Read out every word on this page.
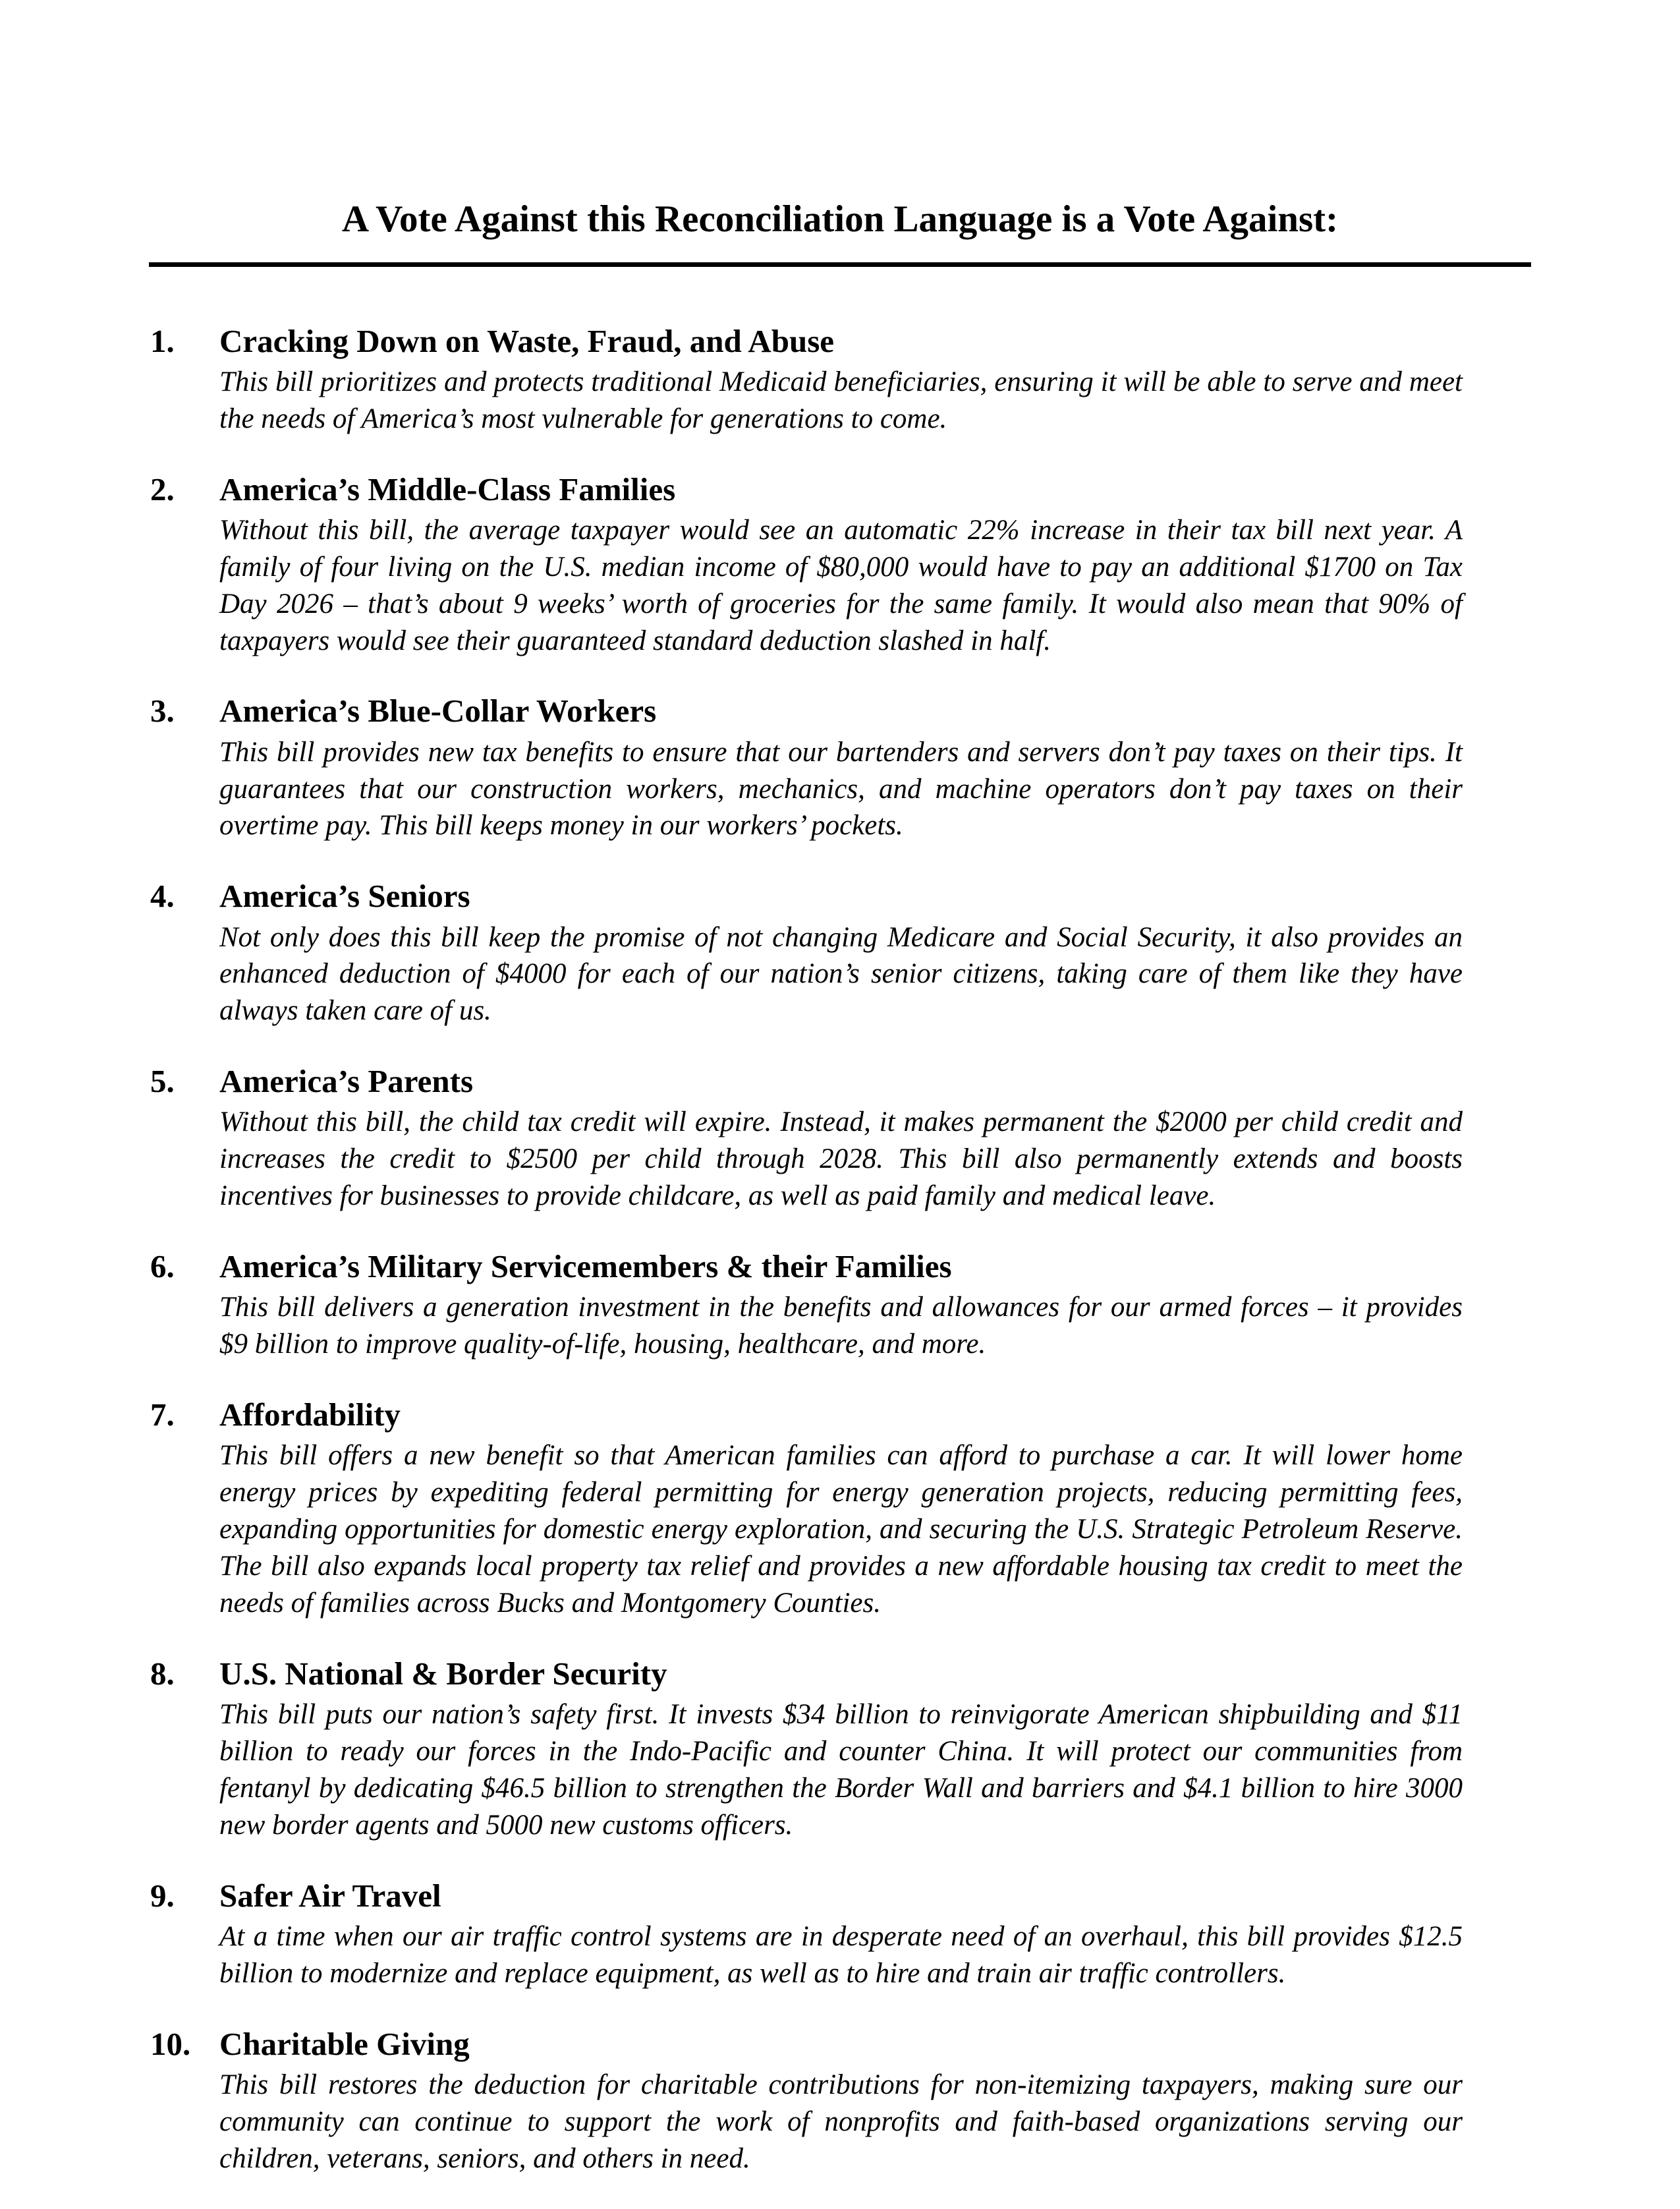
A Vote Against this Reconciliation Language is a Vote Against:
1.	Cracking Down on Waste, Fraud, and Abuse
This bill prioritizes and protects traditional Medicaid beneficiaries, ensuring it will be able to serve and meet the needs of America’s most vulnerable for generations to come.
2.	America’s Middle-Class Families
Without this bill, the average taxpayer would see an automatic 22% increase in their tax bill next year. A family of four living on the U.S. median income of $80,000 would have to pay an additional $1700 on Tax Day 2026 – that’s about 9 weeks’ worth of groceries for the same family. It would also mean that 90% of taxpayers would see their guaranteed standard deduction slashed in half.
3.	America’s Blue-Collar Workers
This bill provides new tax benefits to ensure that our bartenders and servers don’t pay taxes on their tips. It guarantees that our construction workers, mechanics, and machine operators don’t pay taxes on their overtime pay. This bill keeps money in our workers’ pockets.
4.	America’s Seniors
Not only does this bill keep the promise of not changing Medicare and Social Security, it also provides an enhanced deduction of $4000 for each of our nation’s senior citizens, taking care of them like they have always taken care of us.
5.	America’s Parents
Without this bill, the child tax credit will expire. Instead, it makes permanent the $2000 per child credit and increases the credit to $2500 per child through 2028. This bill also permanently extends and boosts incentives for businesses to provide childcare, as well as paid family and medical leave.
6.	America’s Military Servicemembers & their Families
This bill delivers a generation investment in the benefits and allowances for our armed forces – it provides $9 billion to improve quality-of-life, housing, healthcare, and more.
7.	Affordability
This bill offers a new benefit so that American families can afford to purchase a car. It will lower home energy prices by expediting federal permitting for energy generation projects, reducing permitting fees, expanding opportunities for domestic energy exploration, and securing the U.S. Strategic Petroleum Reserve. The bill also expands local property tax relief and provides a new affordable housing tax credit to meet the needs of families across Bucks and Montgomery Counties.
8.	U.S. National & Border Security
This bill puts our nation’s safety first. It invests $34 billion to reinvigorate American shipbuilding and $11 billion to ready our forces in the Indo-Pacific and counter China. It will protect our communities from fentanyl by dedicating $46.5 billion to strengthen the Border Wall and barriers and $4.1 billion to hire 3000 new border agents and 5000 new customs officers.
9.	Safer Air Travel
At a time when our air traffic control systems are in desperate need of an overhaul, this bill provides $12.5 billion to modernize and replace equipment, as well as to hire and train air traffic controllers.
10. Charitable Giving
This bill restores the deduction for charitable contributions for non-itemizing taxpayers, making sure our community can continue to support the work of nonprofits and faith-based organizations serving our children, veterans, seniors, and others in need.
